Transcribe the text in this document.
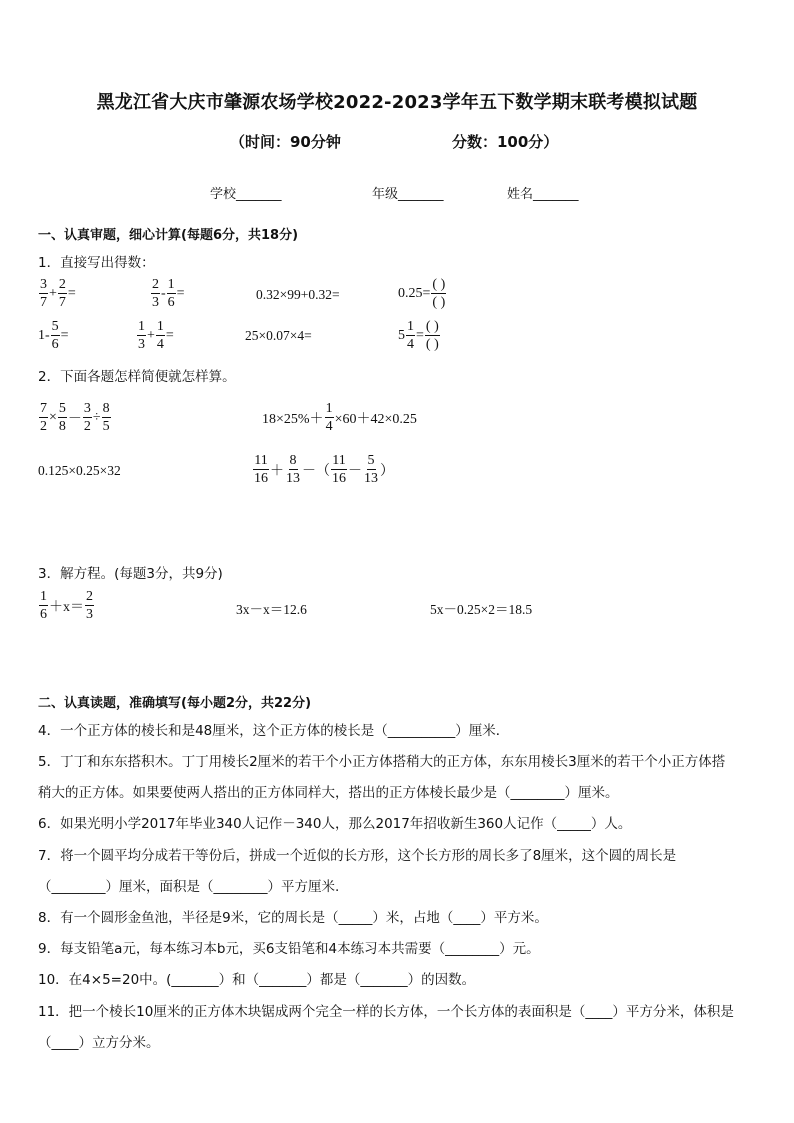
黑龙江省大庆市肇源农场学校2022-2023学年五下数学期末联考模拟试题
（时间：90分钟	分数：100分）
学校_______	年级_______	姓名_______
一、认真审题，细心计算(每题6分，共18分)
1．直接写出得数：
$\frac{3}{7} + \frac{2}{7}$ =	$\frac{2}{3} - \frac{1}{6}$ =	0.32×99+0.32=	$0.25= \frac{( )}{( )}$
$1- \frac{5}{6}$ =	$\frac{1}{3} + \frac{1}{4}$ =	25×0.07×4=	$5 \frac{1}{4} = \frac{( )}{( )}$
2．下面各题怎样简便就怎样算。
$\frac{7}{2} \times \frac{5}{8} - \frac{3}{2} \div \frac{8}{5}$	$18\times 25\%+ \frac{1}{4} \times 60+42\times 0.25$
0.125×0.25×32	$\frac{11}{16} + \frac{8}{13}$ －（ $\frac{11}{16} - \frac{5}{13}$ ）
3．解方程。(每题3分，共9分)
$\frac{1}{6} +x= \frac{2}{3}$	3x－x＝12.6	5x－0.25×2＝18.5
二、认真读题，准确填写(每小题2分，共22分)
4．一个正方体的棱长和是48厘米，这个正方体的棱长是（__________）厘米．
5．丁丁和东东搭积木。丁丁用棱长2厘米的若干个小正方体搭稍大的正方体，东东用棱长3厘米的若干个小正方体搭
稍大的正方体。如果要使两人搭出的正方体同样大，搭出的正方体棱长最少是（________）厘米。
6．如果光明小学2017年毕业340人记作－340人，那么2017年招收新生360人记作（_____）人。
7．将一个圆平均分成若干等份后，拼成一个近似的长方形，这个长方形的周长多了8厘米，这个圆的周长是
（________）厘米，面积是（________）平方厘米.
8．有一个圆形金鱼池，半径是9米，它的周长是（_____）米，占地（____）平方米。
9．每支铅笔a元，每本练习本b元，买6支铅笔和4本练习本共需要（________）元。
10．在4×5=20中。(_______）和（_______）都是（_______）的因数。
11．把一个棱长10厘米的正方体木块锯成两个完全一样的长方体，一个长方体的表面积是（____）平方分米，体积是
（____）立方分米。
